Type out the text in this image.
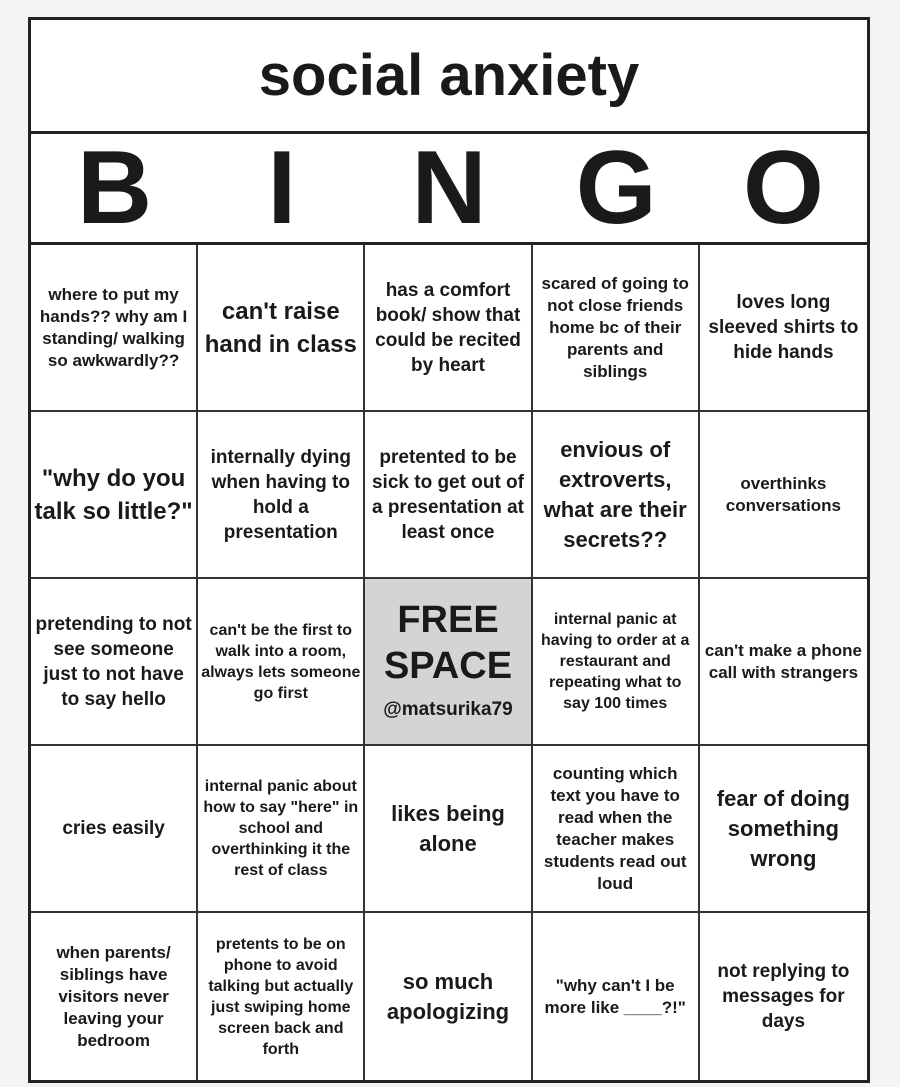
social anxiety
B	I	N G O
where to put my hands?? why am I standing/ walking so awkwardly??
can't raise hand in class
has a comfort book/ show that could be recited by heart
scared of going to not close friends home bc of their parents and siblings
loves long sleeved shirts to hide hands
"why do you talk so little?"
internally dying when having to hold a presentation
pretented to be sick to get out of a presentation at least once
envious of extroverts, what are their secrets??
overthinks conversations
pretending to not see someone just to not have to say hello
can't be the first to walk into a room, always lets someone go first
FREE
SPACE
@matsurika79
internal panic at having to order at a restaurant and repeating what to say 100 times
can't make a phone call with strangers
cries easily
internal panic about how to say "here" in school and overthinking it the rest of class
likes being alone
counting which text you have to read when the teacher makes students read out loud
fear of doing something wrong
when parents/ siblings have visitors never leaving your bedroom
pretents to be on phone to avoid talking but actually just swiping home screen back and forth
so much apologizing
"why can't I be more like ____?!"
not replying to messages for days
